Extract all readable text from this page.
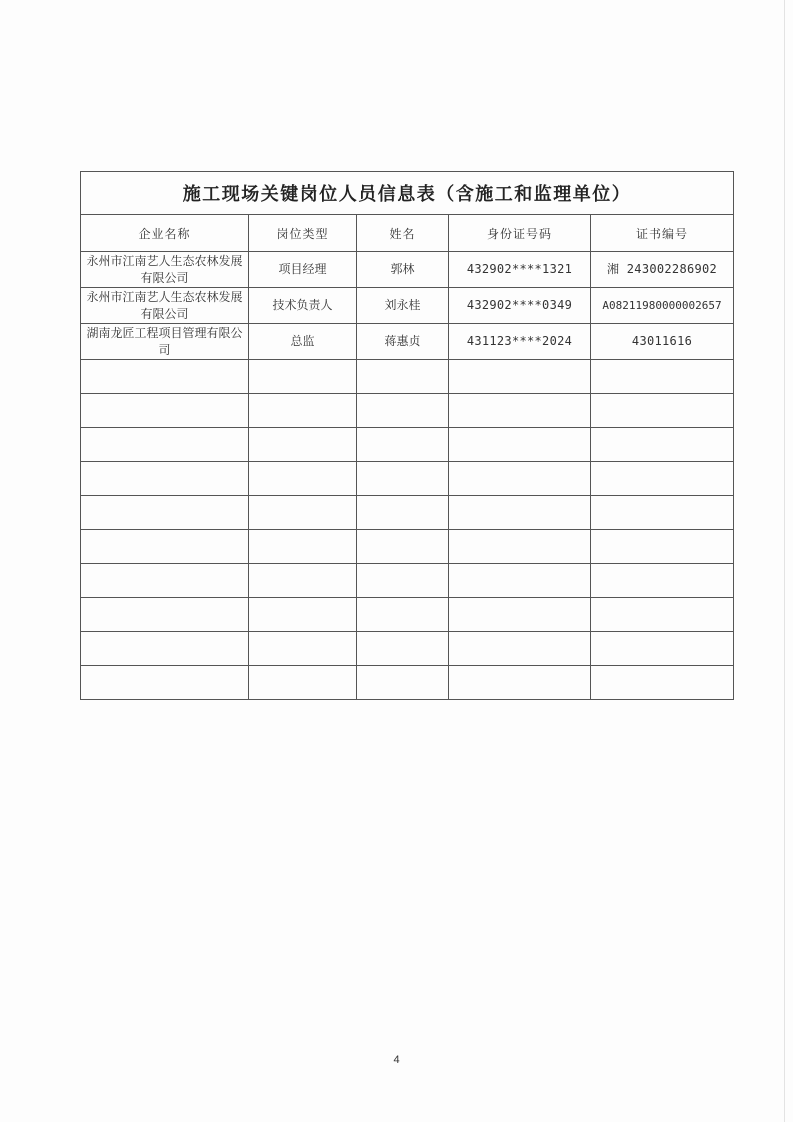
施工现场关键岗位人员信息表（含施工和监理单位）				
企业名称	岗位类型	姓名	身份证号码	证书编号
永州市江南艺人生态农林发展有限公司	项目经理	郭林	432902****1321	湘 243002286902
永州市江南艺人生态农林发展有限公司	技术负责人	刘永桂	432902****0349	A08211980000002657
湖南龙匠工程项目管理有限公司	总监	蒋惠贞	431123****2024	43011616

4
